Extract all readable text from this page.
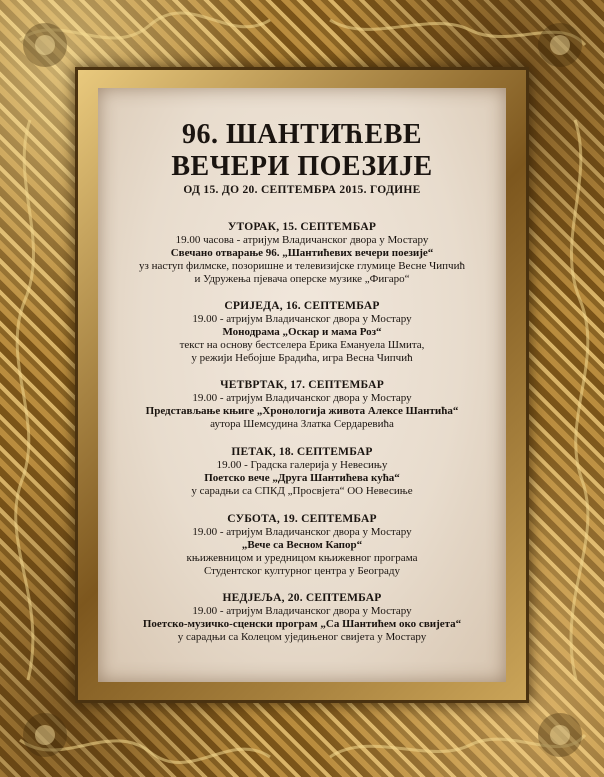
96. ШАНТИЋЕВЕ
ВЕЧЕРИ ПОЕЗИЈЕ
ОД 15. ДО 20. СЕПТЕМБРА 2015. ГОДИНЕ
УТОРАК, 15. СЕПТЕМБАР
19.00 часова - атријум Владичанског двора у Мостару
Свечано отварање 96. „Шантићевих вечери поезије“
уз наступ филмске, позоришне и телевизијске глумице Весне Чипчић
и Удружења пјевача оперске музике „Фигаро“
СРИЈЕДА, 16. СЕПТЕМБАР
19.00 - атријум Владичанског двора у Мостару
Монодрама „Оскар и мама Роз“
текст на основу бестселера Ерика Емануела Шмита,
у режији Небојше Брадића, игра Весна Чипчић
ЧЕТВРТАК, 17. СЕПТЕМБАР
19.00 - атријум Владичанског двора у Мостару
Представљање књиге „Хронологија живота Алексе Шантића“
аутора Шемсудина Златка Сердаревића
ПЕТАК, 18. СЕПТЕМБАР
19.00 - Градска галерија у Невесињу
Поетско вече „Друга Шантићева кућа“
у сарадњи са СПКД „Просвјета“ ОО Невесиње
СУБОТА, 19. СЕПТЕМБАР
19.00 - атријум Владичанског двора у Мостару
„Вече са Весном Капор“
књижевницом и уредницом књижевног програма
Студентског културног центра у Београду
НЕДЈЕЉА, 20. СЕПТЕМБАР
19.00 - атријум Владичанског двора у Мостару
Поетско-музичко-сценски програм „Са Шантићем око свијета“
у сарадњи са Колецом уједињеног свијета у Мостару
